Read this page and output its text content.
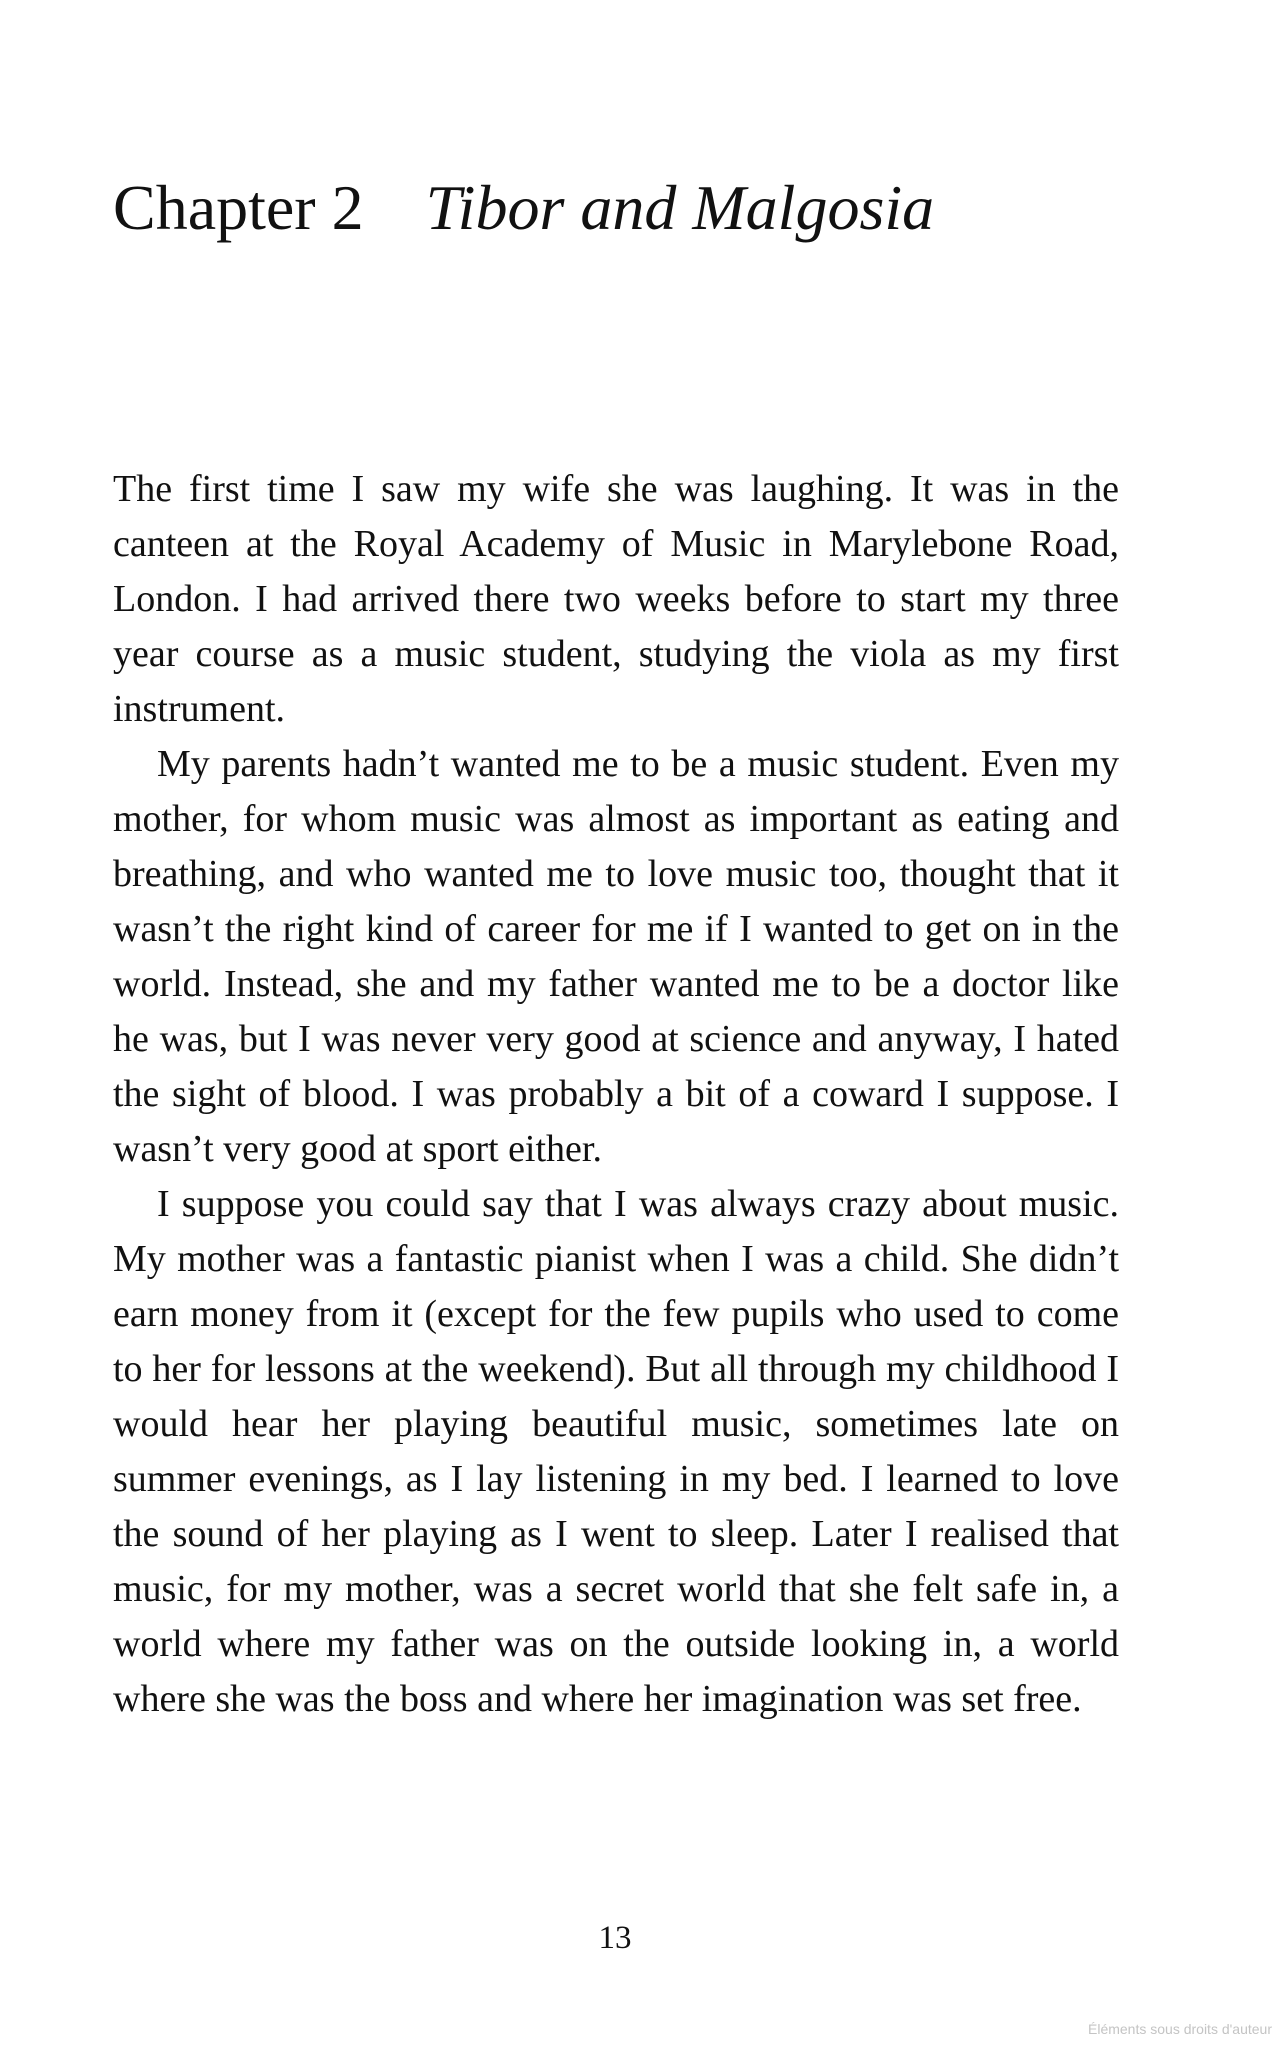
Chapter 2 Tibor and Malgosia

The first time I saw my wife she was laughing. It was in the canteen at the Royal Academy of Music in Marylebone Road, London. I had arrived there two weeks before to start my three year course as a music student, studying the viola as my first instrument.

My parents hadn’t wanted me to be a music student. Even my mother, for whom music was almost as important as eating and breathing, and who wanted me to love music too, thought that it wasn’t the right kind of career for me if I wanted to get on in the world. Instead, she and my father wanted me to be a doctor like he was, but I was never very good at science and anyway, I hated the sight of blood. I was probably a bit of a coward I suppose. I wasn’t very good at sport either.

I suppose you could say that I was always crazy about music. My mother was a fantastic pianist when I was a child. She didn’t earn money from it (except for the few pupils who used to come to her for lessons at the weekend). But all through my childhood I would hear her playing beautiful music, sometimes late on summer evenings, as I lay listening in my bed. I learned to love the sound of her playing as I went to sleep. Later I realised that music, for my mother, was a secret world that she felt safe in, a world where my father was on the outside looking in, a world where she was the boss and where her imagination was set free.

13
Éléments sous droits d'auteur
